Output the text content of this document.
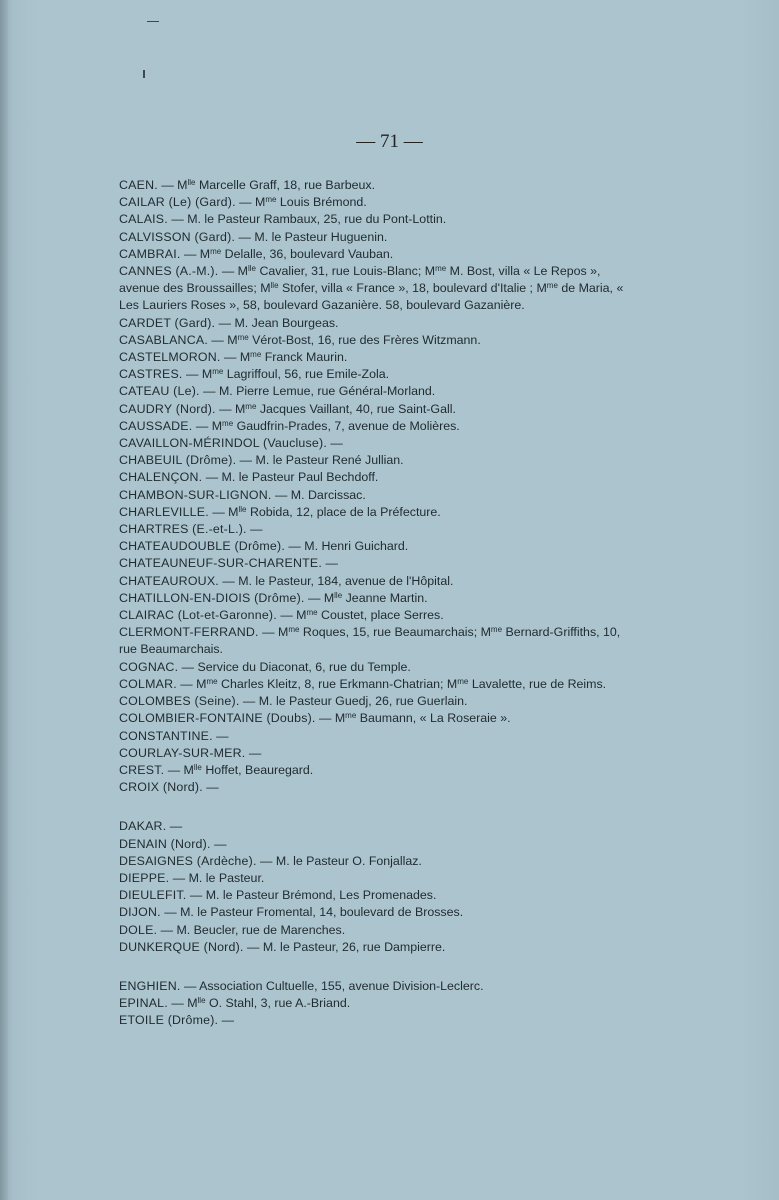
— 71 —
CAEN. — $M^{lle}$ Marcelle Graff, 18, rue Barbeux.
CAILAR (Le) (Gard). — $M^{me}$ Louis Brémond.
CALAIS. — M. le Pasteur Rambaux, 25, rue du Pont-Lottin.
CALVISSON (Gard). — M. le Pasteur Huguenin.
CAMBRAI. — $M^{me}$ Delalle, 36, boulevard Vauban.
CANNES (A.-M.). — $M^{lle}$ Cavalier, 31, rue Louis-Blanc; $M^{me}$ M. Bost, villa « Le Repos », avenue des Broussailles; $M^{lle}$ Stofer, villa « France », 18, boulevard d'Italie ; $M^{me}$ de Maria, « Les Lauriers Roses », 58, boulevard Gazanière. 58, boulevard Gazanière.
CARDET (Gard). — M. Jean Bourgeas.
CASABLANCA. — $M^{me}$ Vérot-Bost, 16, rue des Frères Witzmann.
CASTELMORON. — $M^{me}$ Franck Maurin.
CASTRES. — $M^{me}$ Lagriffoul, 56, rue Emile-Zola.
CATEAU (Le). — M. Pierre Lemue, rue Général-Morland.
CAUDRY (Nord). — $M^{me}$ Jacques Vaillant, 40, rue Saint-Gall.
CAUSSADE. — $M^{me}$ Gaudfrin-Prades, 7, avenue de Molières.
CAVAILLON-MÉRINDOL (Vaucluse). —
CHABEUIL (Drôme). — M. le Pasteur René Jullian.
CHALENÇON. — M. le Pasteur Paul Bechdoff.
CHAMBON-SUR-LIGNON. — M. Darcissac.
CHARLEVILLE. — $M^{lle}$ Robida, 12, place de la Préfecture.
CHARTRES (E.-et-L.). —
CHATEAUDOUBLE (Drôme). — M. Henri Guichard.
CHATEAUNEUF-SUR-CHARENTE. —
CHATEAUROUX. — M. le Pasteur, 184, avenue de l'Hôpital.
CHATILLON-EN-DIOIS (Drôme). — $M^{lle}$ Jeanne Martin.
CLAIRAC (Lot-et-Garonne). — $M^{me}$ Coustet, place Serres.
CLERMONT-FERRAND. — $M^{me}$ Roques, 15, rue Beaumarchais; $M^{me}$ Bernard-Griffiths, 10, rue Beaumarchais.
COGNAC. — Service du Diaconat, 6, rue du Temple.
COLMAR. — $M^{me}$ Charles Kleitz, 8, rue Erkmann-Chatrian; $M^{me}$ Lavalette, rue de Reims.
COLOMBES (Seine). — M. le Pasteur Guedj, 26, rue Guerlain.
COLOMBIER-FONTAINE (Doubs). — $M^{me}$ Baumann, « La Roseraie ».
CONSTANTINE. —
COURLAY-SUR-MER. —
CREST. — $M^{lle}$ Hoffet, Beauregard.
CROIX (Nord). —
DAKAR. —
DENAIN (Nord). —
DESAIGNES (Ardèche). — M. le Pasteur O. Fonjallaz.
DIEPPE. — M. le Pasteur.
DIEULEFIT. — M. le Pasteur Brémond, Les Promenades.
DIJON. — M. le Pasteur Fromental, 14, boulevard de Brosses.
DOLE. — M. Beucler, rue de Marenches.
DUNKERQUE (Nord). — M. le Pasteur, 26, rue Dampierre.
ENGHIEN. — Association Cultuelle, 155, avenue Division-Leclerc.
EPINAL. — $M^{lle}$ O. Stahl, 3, rue A.-Briand.
ETOILE (Drôme). —
